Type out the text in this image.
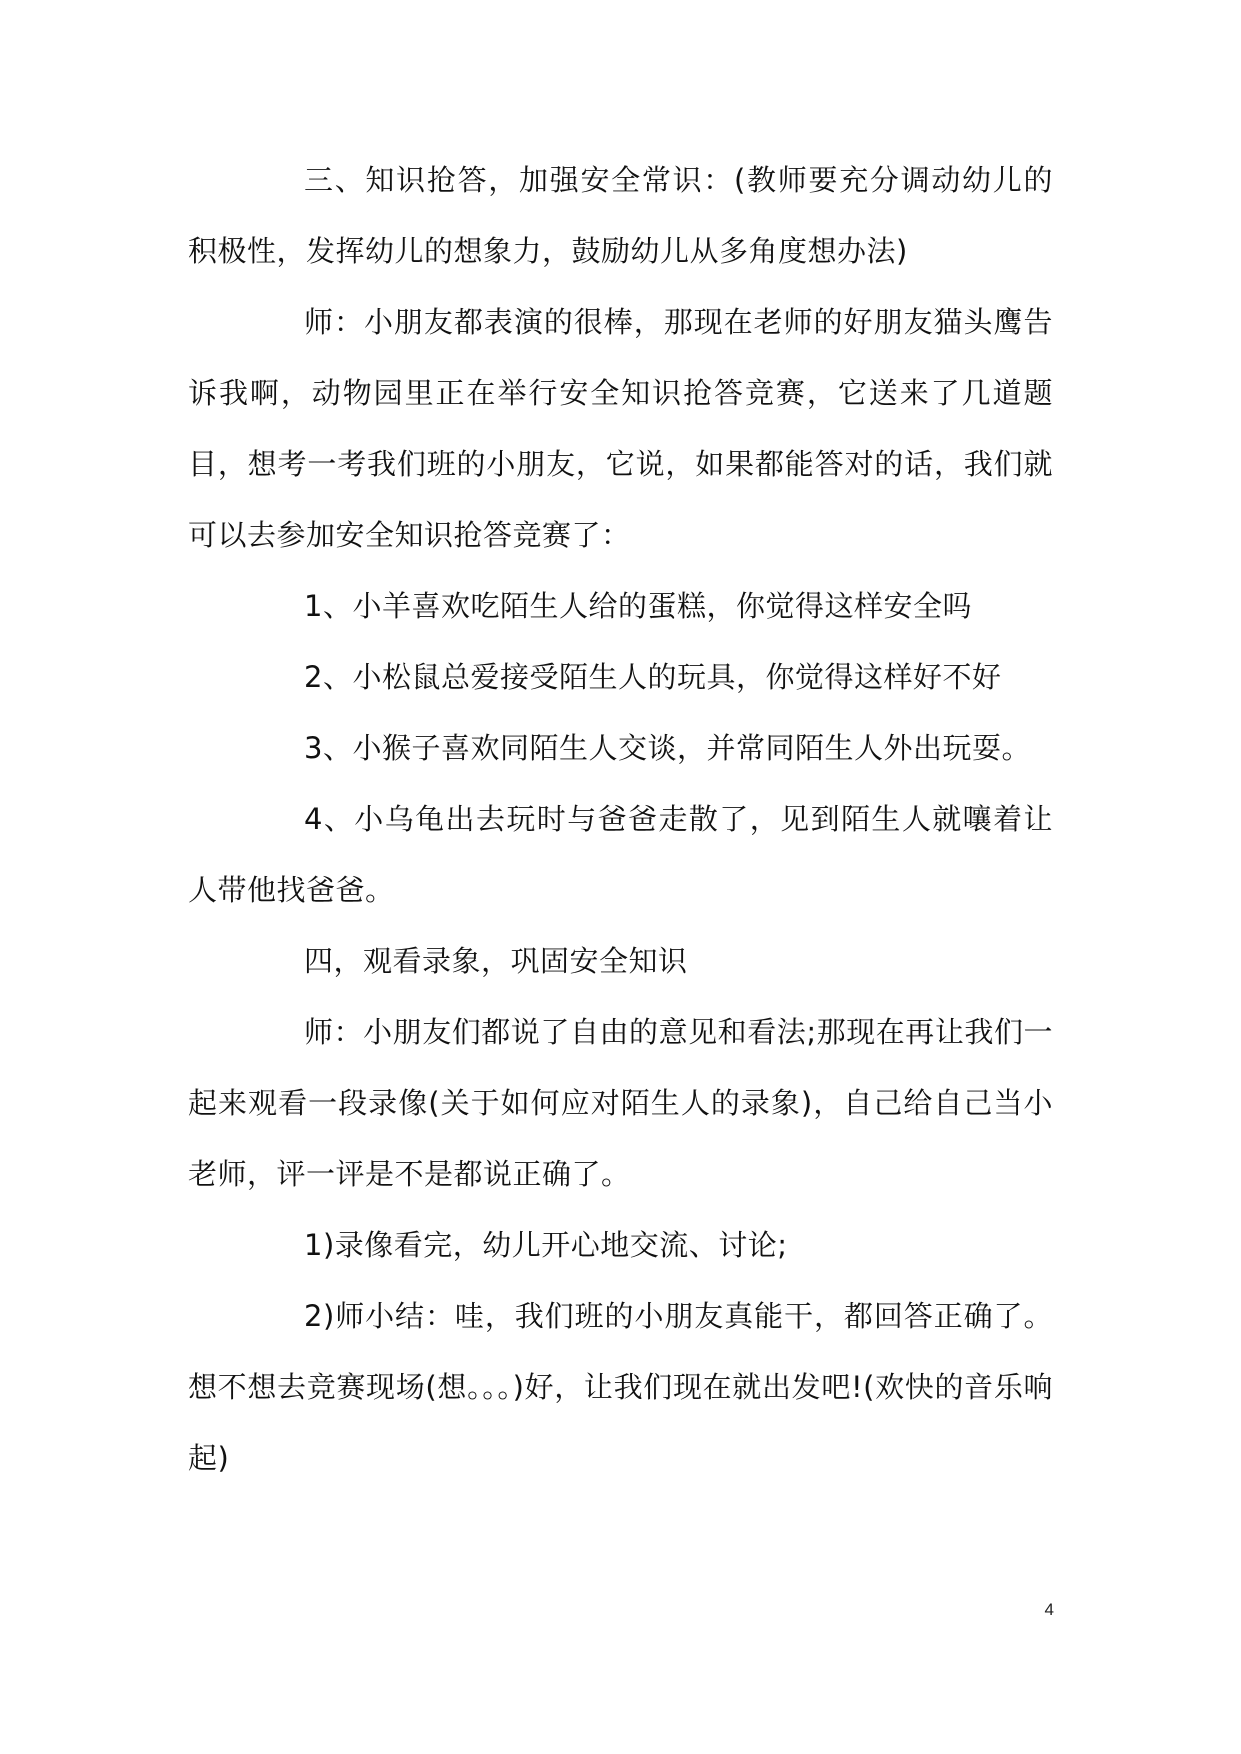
三、知识抢答，加强安全常识：(教师要充分调动幼儿的积极性，发挥幼儿的想象力，鼓励幼儿从多角度想办法)

师：小朋友都表演的很棒，那现在老师的好朋友猫头鹰告诉我啊，动物园里正在举行安全知识抢答竞赛，它送来了几道题目，想考一考我们班的小朋友，它说，如果都能答对的话，我们就可以去参加安全知识抢答竞赛了：

1、小羊喜欢吃陌生人给的蛋糕，你觉得这样安全吗

2、小松鼠总爱接受陌生人的玩具，你觉得这样好不好

3、小猴子喜欢同陌生人交谈，并常同陌生人外出玩耍。

4、小乌龟出去玩时与爸爸走散了，见到陌生人就嚷着让人带他找爸爸。

四，观看录象，巩固安全知识

师：小朋友们都说了自由的意见和看法;那现在再让我们一起来观看一段录像(关于如何应对陌生人的录象)，自己给自己当小老师，评一评是不是都说正确了。

1)录像看完，幼儿开心地交流、讨论;

2)师小结：哇，我们班的小朋友真能干，都回答正确了。想不想去竞赛现场(想。。。)好，让我们现在就出发吧!(欢快的音乐响起)

4
